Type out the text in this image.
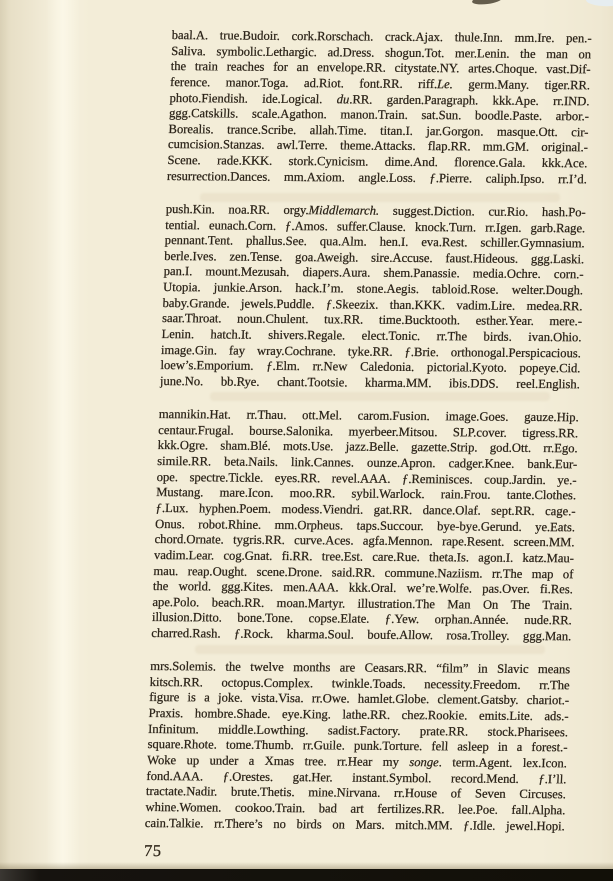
baal.A. true.Budoir. cork.Rorschach. crack.Ajax. thule.Inn. mm.Ire. pen.-
Saliva. symbolic.Lethargic. ad.Dress. shogun.Tot. mer.Lenin. the man on
the train reaches for an envelope.RR. citystate.NY. artes.Choque. vast.Dif-
ference. manor.Toga. ad.Riot. font.RR. riff.Le. germ.Many. tiger.RR.
photo.Fiendish. ide.Logical. du.RR. garden.Paragraph. kkk.Ape. rr.IND.
ggg.Catskills. scale.Agathon. manon.Train. sat.Sun. boodle.Paste. arbor.-
Borealis. trance.Scribe. allah.Time. titan.I. jar.Gorgon. masque.Ott. cir-
cumcision.Stanzas. awl.Terre. theme.Attacks. flap.RR. mm.GM. original.-
Scene. rade.KKK. stork.Cynicism. dime.And. florence.Gala. kkk.Ace.
resurrection.Dances. mm.Axiom. angle.Loss. ƒ.Pierre. caliph.Ipso. rr.I’d.
push.Kin. noa.RR. orgy.Middlemarch. suggest.Diction. cur.Rio. hash.Po-
tential. eunach.Corn. ƒ.Amos. suffer.Clause. knock.Turn. rr.Igen. garb.Rage.
pennant.Tent. phallus.See. qua.Alm. hen.I. eva.Rest. schiller.Gymnasium.
berle.Ives. zen.Tense. goa.Aweigh. sire.Accuse. faust.Hideous. ggg.Laski.
pan.I. mount.Mezusah. diapers.Aura. shem.Panassie. media.Ochre. corn.-
Utopia. junkie.Arson. hack.I’m. stone.Aegis. tabloid.Rose. welter.Dough.
baby.Grande. jewels.Puddle. ƒ.Skeezix. than.KKK. vadim.Lire. medea.RR.
saar.Throat. noun.Chulent. tux.RR. time.Bucktooth. esther.Year. mere.-
Lenin. hatch.It. shivers.Regale. elect.Tonic. rr.The birds. ivan.Ohio.
image.Gin. fay wray.Cochrane. tyke.RR. ƒ.Brie. orthonogal.Perspicacious.
loew’s.Emporium. ƒ.Elm. rr.New Caledonia. pictorial.Kyoto. popeye.Cid.
june.No. bb.Rye. chant.Tootsie. kharma.MM. ibis.DDS. reel.English.
mannikin.Hat. rr.Thau. ott.Mel. carom.Fusion. image.Goes. gauze.Hip.
centaur.Frugal. bourse.Salonika. myerbeer.Mitsou. SLP.cover. tigress.RR.
kkk.Ogre. sham.Blé. mots.Use. jazz.Belle. gazette.Strip. god.Ott. rr.Ego.
simile.RR. beta.Nails. link.Cannes. ounze.Apron. cadger.Knee. bank.Eur-
ope. spectre.Tickle. eyes.RR. revel.AAA. ƒ.Reminisces. coup.Jardin. ye.-
Mustang. mare.Icon. moo.RR. sybil.Warlock. rain.Frou. tante.Clothes.
ƒ.Lux. hyphen.Poem. modess.Viendri. gat.RR. dance.Olaf. sept.RR. cage.-
Onus. robot.Rhine. mm.Orpheus. taps.Succour. bye-bye.Gerund. ye.Eats.
chord.Ornate. tygris.RR. curve.Aces. agfa.Mennon. rape.Resent. screen.MM.
vadim.Lear. cog.Gnat. fi.RR. tree.Est. care.Rue. theta.Is. agon.I. katz.Mau-
mau. reap.Ought. scene.Drone. said.RR. commune.Naziism. rr.The map of
the world. ggg.Kites. men.AAA. kkk.Oral. we’re.Wolfe. pas.Over. fi.Res.
ape.Polo. beach.RR. moan.Martyr. illustration.The Man On The Train.
illusion.Ditto. bone.Tone. copse.Elate. ƒ.Yew. orphan.Année. nude.RR.
charred.Rash. ƒ.Rock. kharma.Soul. boufe.Allow. rosa.Trolley. ggg.Man.
mrs.Solemis. the twelve months are Ceasars.RR. “film” in Slavic means
kitsch.RR. octopus.Complex. twinkle.Toads. necessity.Freedom. rr.The
figure is a joke. vista.Visa. rr.Owe. hamlet.Globe. clement.Gatsby. chariot.-
Praxis. hombre.Shade. eye.King. lathe.RR. chez.Rookie. emits.Lite. ads.-
Infinitum. middle.Lowthing. sadist.Factory. prate.RR. stock.Pharisees.
square.Rhote. tome.Thumb. rr.Guile. punk.Torture. fell asleep in a forest.-
Woke up under a Xmas tree. rr.Hear my songe. term.Agent. lex.Icon.
fond.AAA. ƒ.Orestes. gat.Her. instant.Symbol. record.Mend. ƒ.I’ll.
tractate.Nadir. brute.Thetis. mine.Nirvana. rr.House of Seven Circuses.
whine.Women. cookoo.Train. bad art fertilizes.RR. lee.Poe. fall.Alpha.
cain.Talkie. rr.There’s no birds on Mars. mitch.MM. ƒ.Idle. jewel.Hopi.
75
